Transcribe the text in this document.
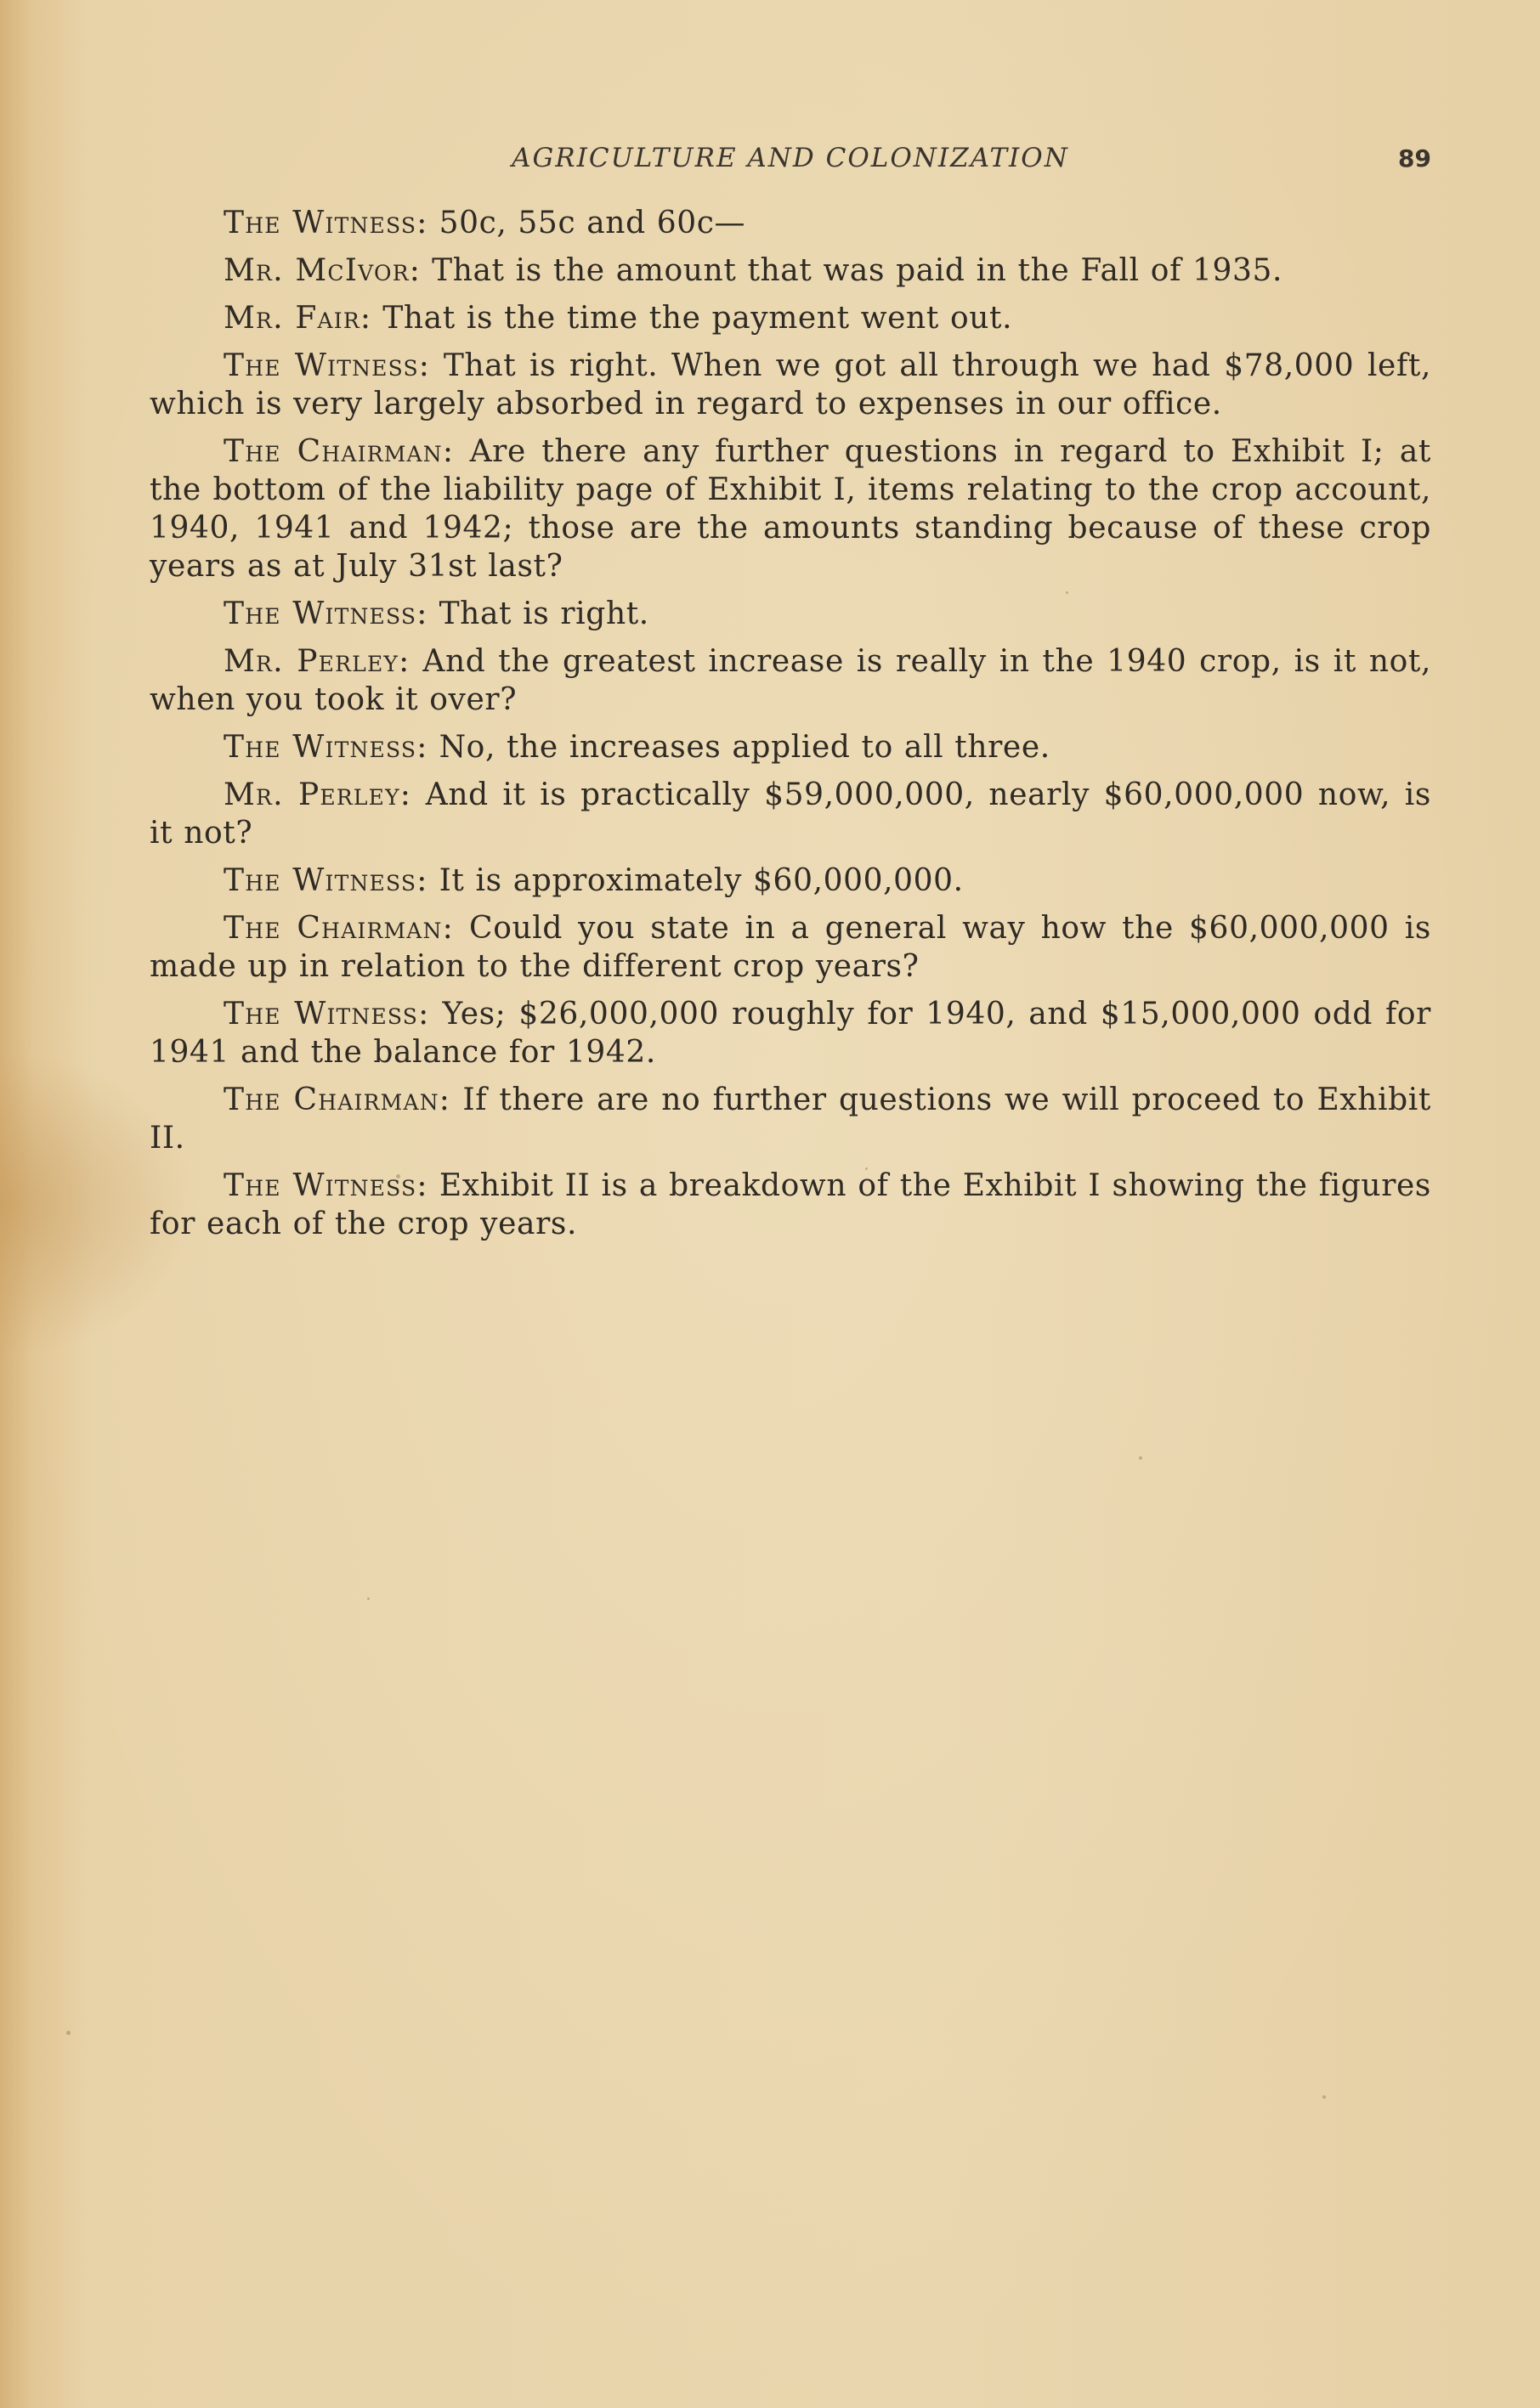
AGRICULTURE AND COLONIZATION	89

The Witness: 50c, 55c and 60c—

Mr. McIvor: That is the amount that was paid in the Fall of 1935.

Mr. Fair: That is the time the payment went out.

The Witness: That is right. When we got all through we had $78,000 left, which is very largely absorbed in regard to expenses in our office.

The Chairman: Are there any further questions in regard to Exhibit I; at the bottom of the liability page of Exhibit I, items relating to the crop account, 1940, 1941 and 1942; those are the amounts standing because of these crop years as at July 31st last?

The Witness: That is right.

Mr. Perley: And the greatest increase is really in the 1940 crop, is it not, when you took it over?

The Witness: No, the increases applied to all three.

Mr. Perley: And it is practically $59,000,000, nearly $60,000,000 now, is it not?

The Witness: It is approximately $60,000,000.

The Chairman: Could you state in a general way how the $60,000,000 is made up in relation to the different crop years?

The Witness: Yes; $26,000,000 roughly for 1940, and $15,000,000 odd for 1941 and the balance for 1942.

The Chairman: If there are no further questions we will proceed to Exhibit II.

The Witness: Exhibit II is a breakdown of the Exhibit I showing the figures for each of the crop years.
